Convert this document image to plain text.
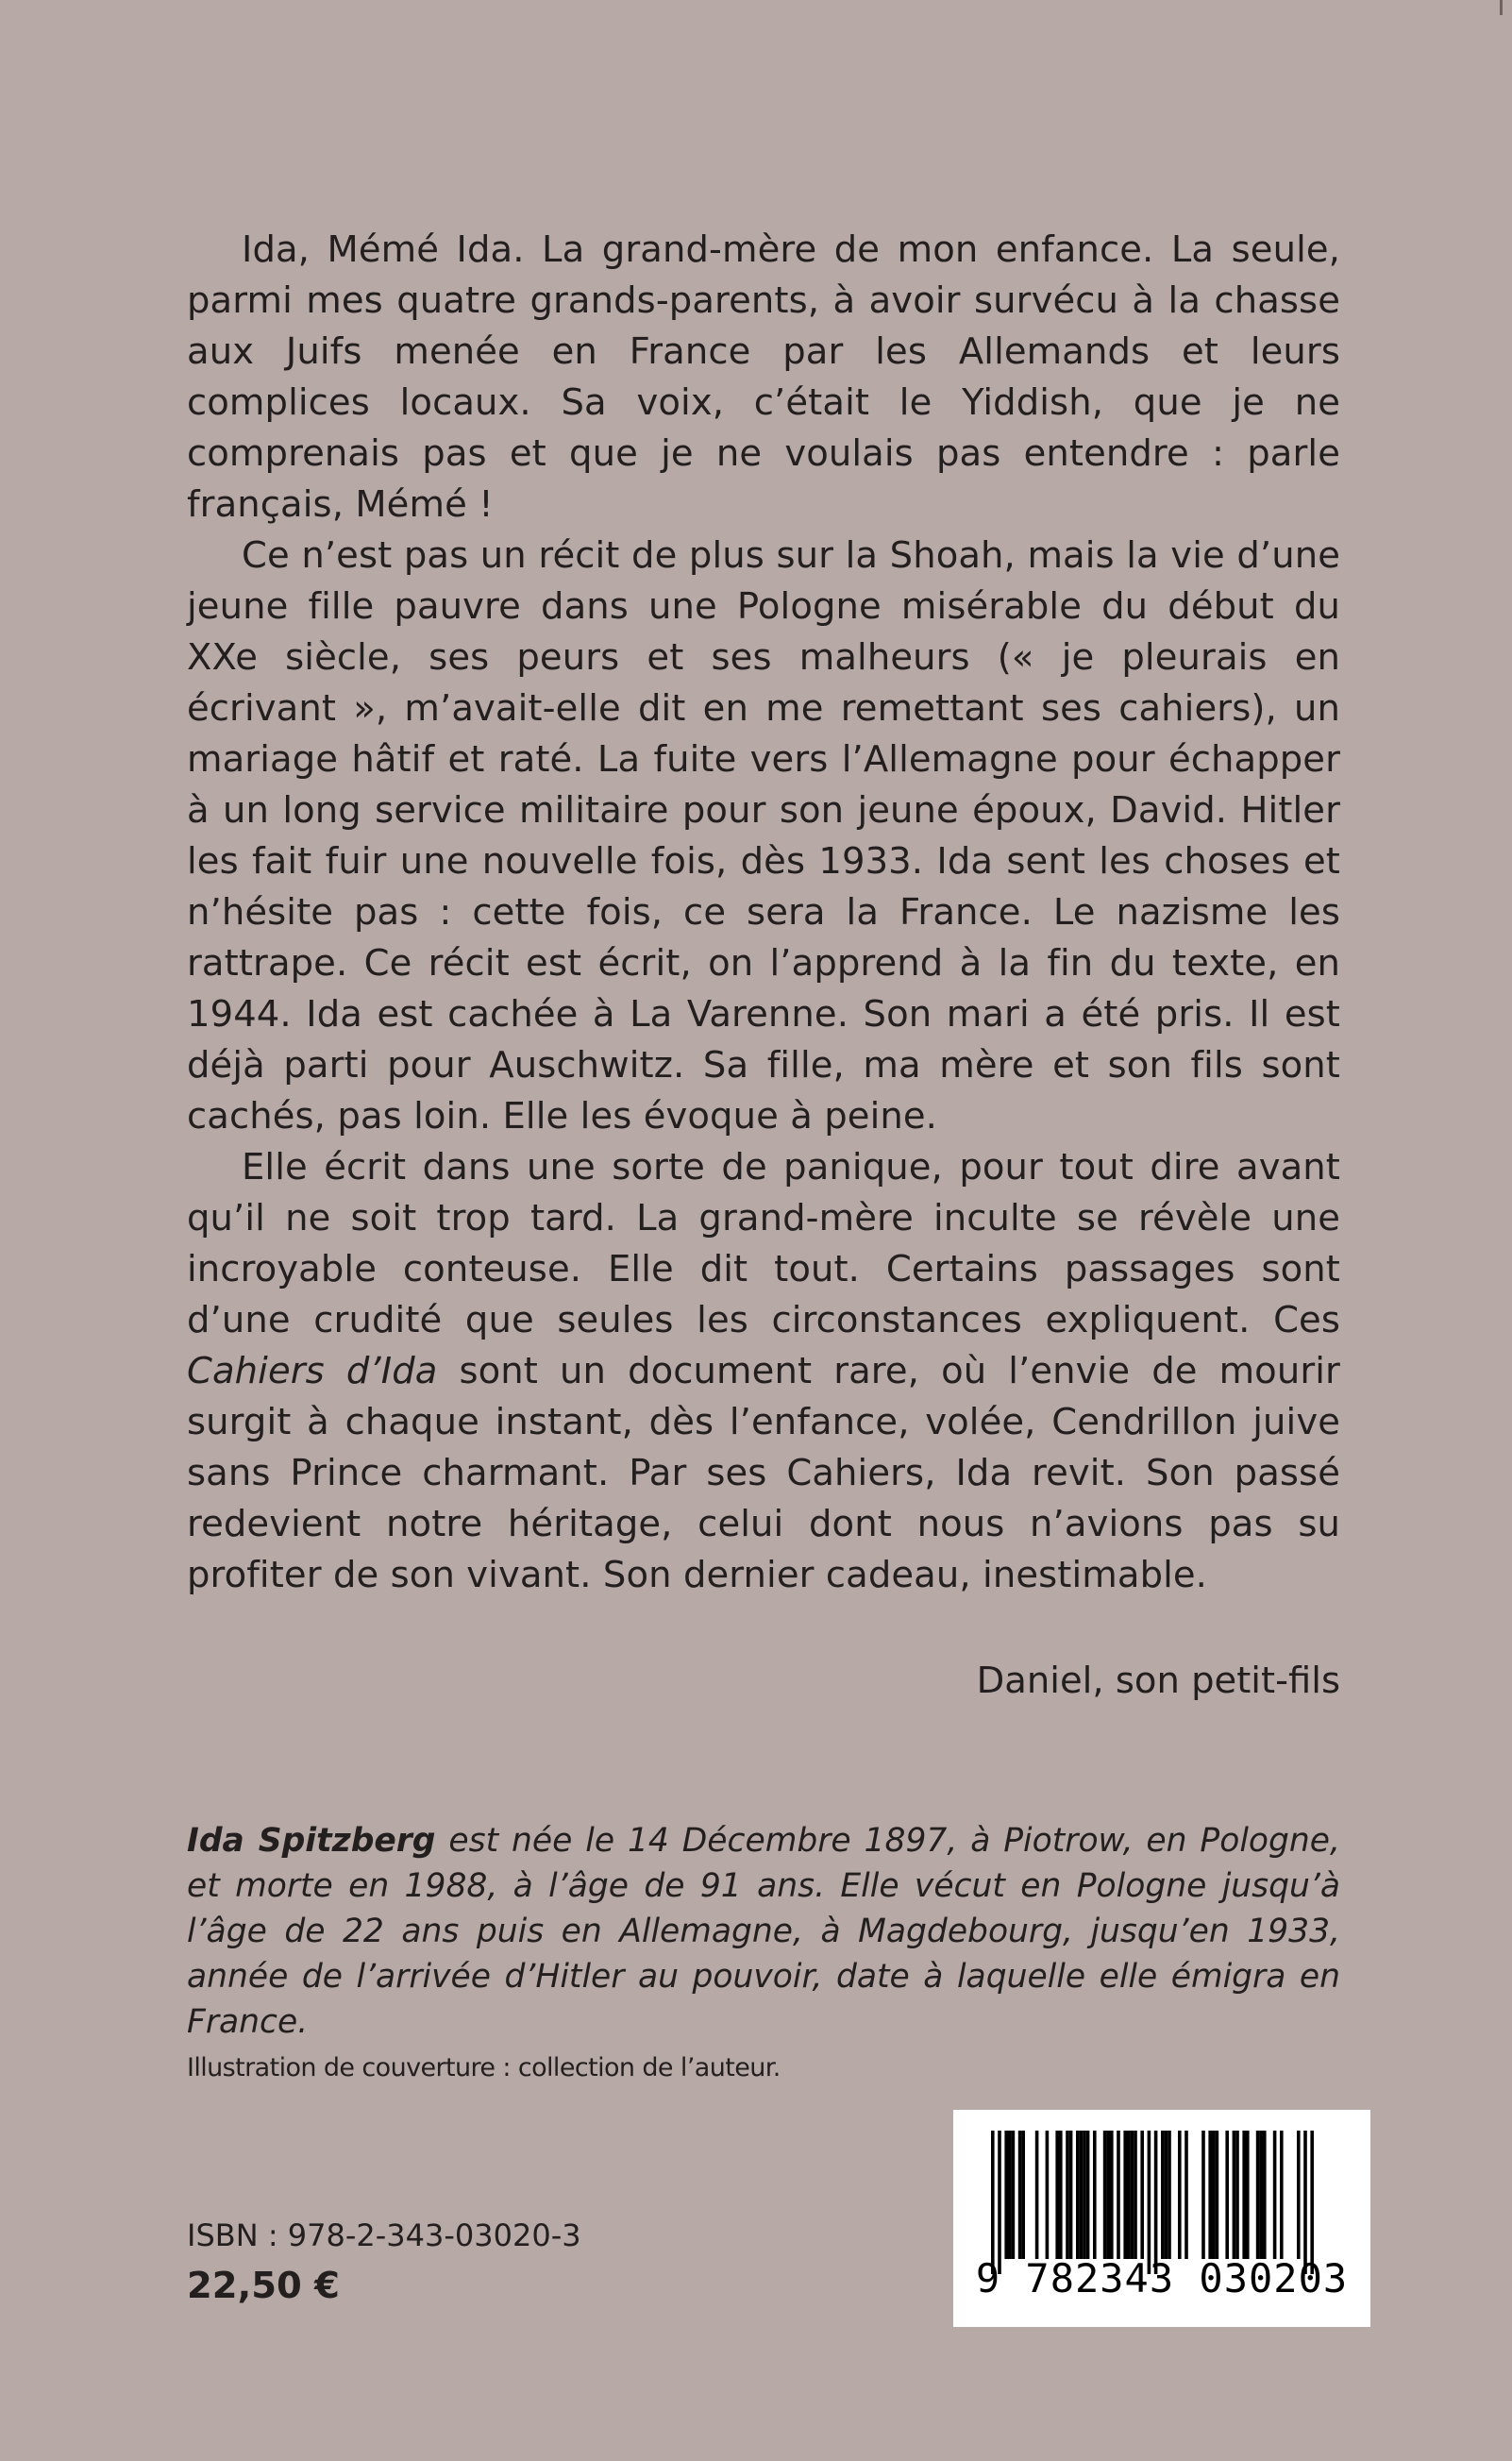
Ida, Mémé Ida. La grand-mère de mon enfance. La seule, parmi mes quatre grands-parents, à avoir survécu à la chasse aux Juifs menée en France par les Allemands et leurs complices locaux. Sa voix, c’était le Yiddish, que je ne comprenais pas et que je ne voulais pas entendre : parle français, Mémé !

Ce n’est pas un récit de plus sur la Shoah, mais la vie d’une jeune fille pauvre dans une Pologne misérable du début du XXe siècle, ses peurs et ses malheurs (« je pleurais en écrivant », m’avait-elle dit en me remettant ses cahiers), un mariage hâtif et raté. La fuite vers l’Allemagne pour échapper à un long service militaire pour son jeune époux, David. Hitler les fait fuir une nouvelle fois, dès 1933. Ida sent les choses et n’hésite pas : cette fois, ce sera la France. Le nazisme les rattrape. Ce récit est écrit, on l’apprend à la fin du texte, en 1944. Ida est cachée à La Varenne. Son mari a été pris. Il est déjà parti pour Auschwitz. Sa fille, ma mère et son fils sont cachés, pas loin. Elle les évoque à peine.

Elle écrit dans une sorte de panique, pour tout dire avant qu’il ne soit trop tard. La grand-mère inculte se révèle une incroyable conteuse. Elle dit tout. Certains passages sont d’une crudité que seules les circonstances expliquent. Ces Cahiers d’Ida sont un document rare, où l’envie de mourir surgit à chaque instant, dès l’enfance, volée, Cendrillon juive sans Prince charmant. Par ses Cahiers, Ida revit. Son passé redevient notre héritage, celui dont nous n’avions pas su profiter de son vivant. Son dernier cadeau, inestimable.

Daniel, son petit-fils
Ida Spitzberg est née le 14 Décembre 1897, à Piotrow, en Pologne, et morte en 1988, à l’âge de 91 ans. Elle vécut en Pologne jusqu’à l’âge de 22 ans puis en Allemagne, à Magdebourg, jusqu’en 1933, année de l’arrivée d’Hitler au pouvoir, date à laquelle elle émigra en France.
Illustration de couverture : collection de l’auteur.
ISBN : 978-2-343-03020-3
22,50 €	9 782343 030203
